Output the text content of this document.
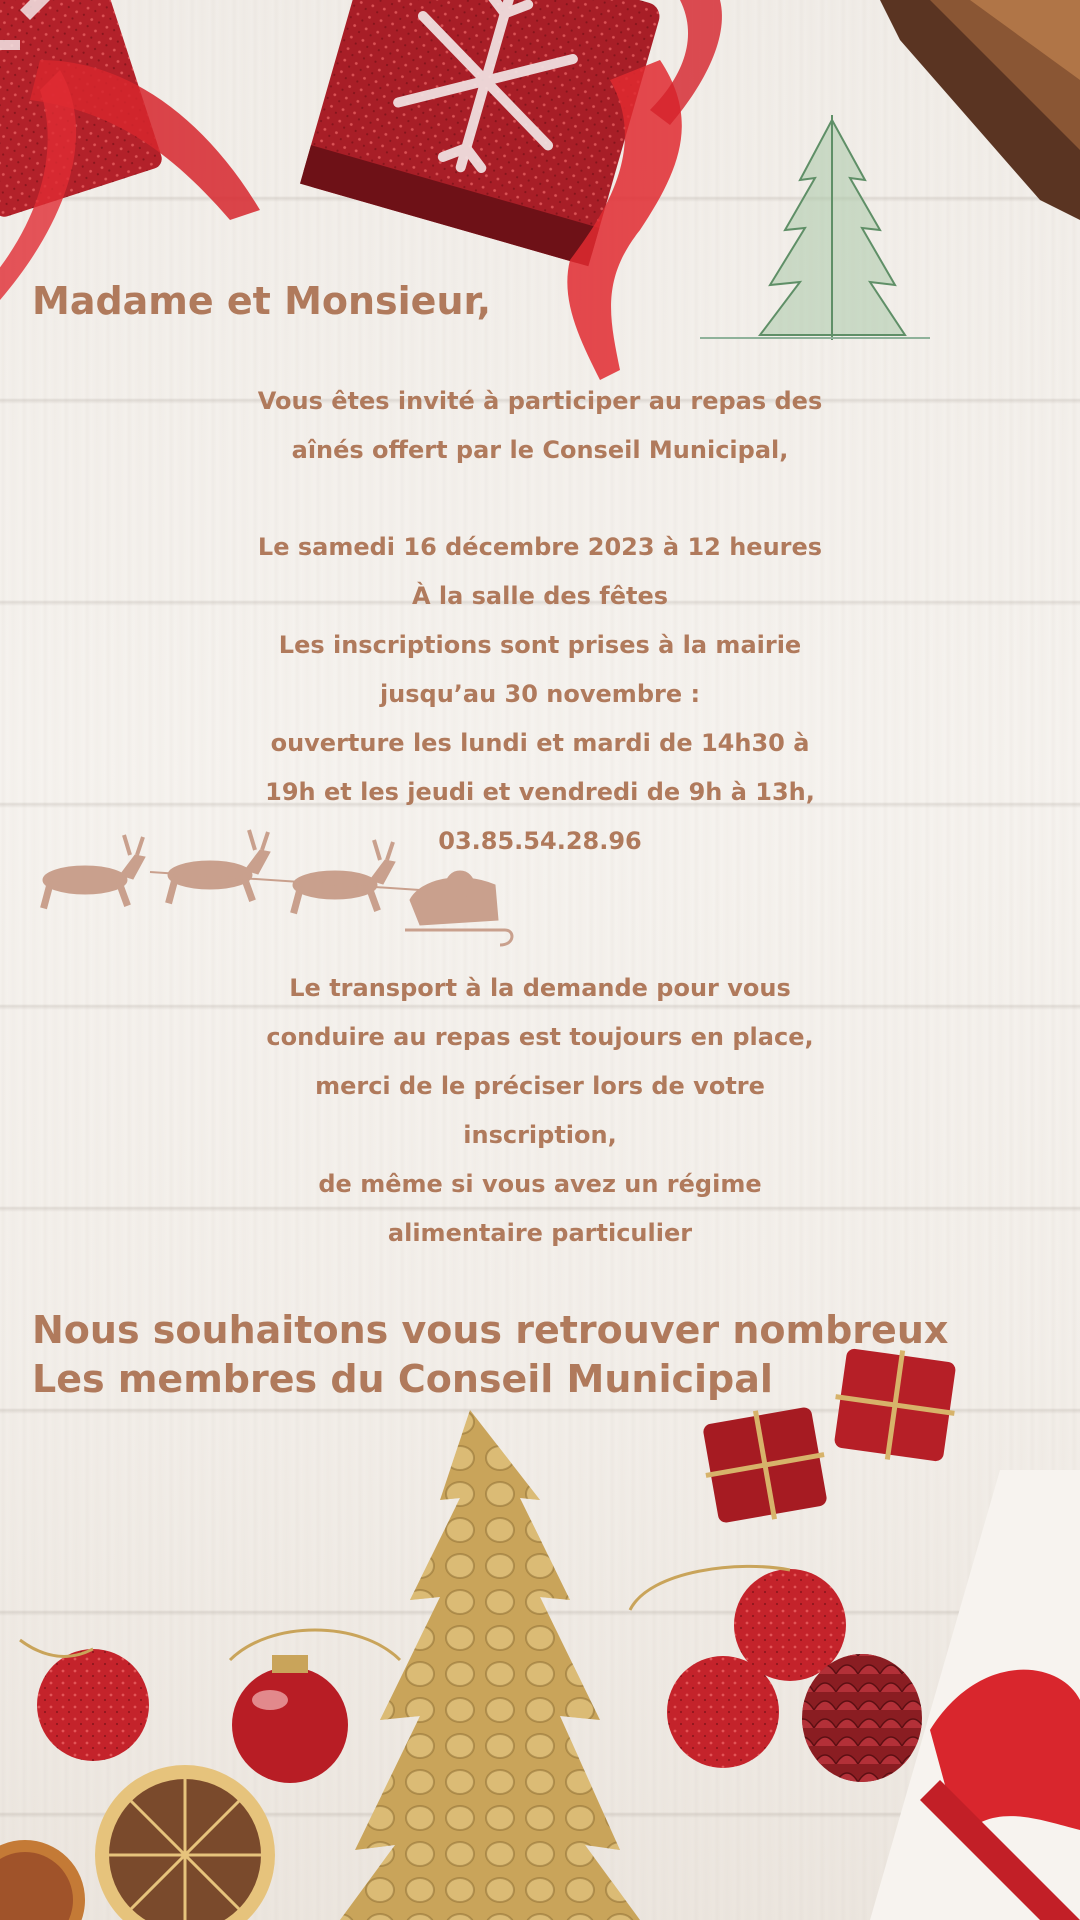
Madame et Monsieur,

Vous êtes invité à participer au repas des

aînés offert par le Conseil Municipal,

Le samedi 16 décembre 2023 à 12 heures

À la salle des fêtes

Les inscriptions sont prises à la mairie

jusqu’au 30 novembre :

ouverture les lundi et mardi de 14h30 à

19h et les jeudi et vendredi de 9h à 13h,

03.85.54.28.96

Le transport à la demande pour vous

conduire au repas est toujours en place,

merci de le préciser lors de votre

inscription,

de même si vous avez un régime

alimentaire particulier

Nous souhaitons vous retrouver nombreux

Les membres du Conseil Municipal
